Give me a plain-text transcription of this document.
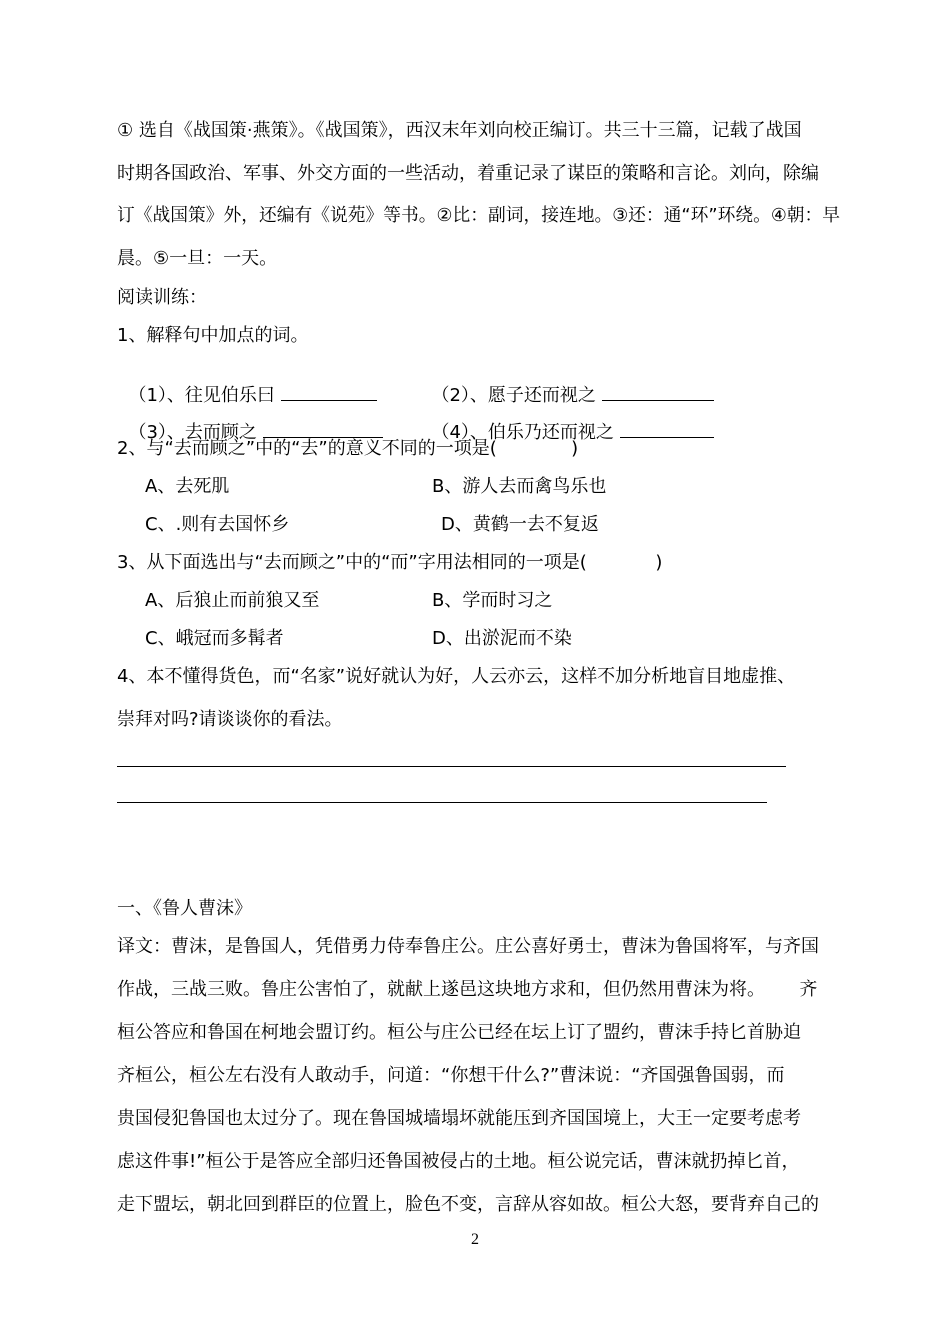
① 选自《战国策·燕策》。《战国策》，西汉末年刘向校正编订。共三十三篇，记载了战国
时期各国政治、军事、外交方面的一些活动，着重记录了谋臣的策略和言论。刘向，除编
订《战国策》外，还编有《说苑》等书。②比：副词，接连地。③还：通“环”环绕。④朝：早
晨。⑤一旦：一天。
阅读训练：
1、解释句中加点的词。

（1）、往见伯乐曰	（2）、愿子还而视之

（3）、去而顾之	（4）、伯乐乃还而视之

2、与“去而顾之”中的“去”的意义不同的一项是(             )
A、去死肌	B、游人去而禽鸟乐也
C、.则有去国怀乡	D、黄鹤一去不复返
3、从下面选出与“去而顾之”中的“而”字用法相同的一项是(            )
A、后狼止而前狼又至	B、学而时习之
C、峨冠而多髯者	D、出淤泥而不染
4、本不懂得货色，而“名家”说好就认为好，人云亦云，这样不加分析地盲目地虚推、
崇拜对吗?请谈谈你的看法。
一、《鲁人曹沫》
译文：曹沫，是鲁国人，凭借勇力侍奉鲁庄公。庄公喜好勇士，曹沫为鲁国将军，与齐国
作战，三战三败。鲁庄公害怕了，就献上遂邑这块地方求和，但仍然用曹沫为将。      齐
桓公答应和鲁国在柯地会盟订约。桓公与庄公已经在坛上订了盟约，曹沫手持匕首胁迫
齐桓公，桓公左右没有人敢动手，问道：“你想干什么?”曹沫说：“齐国强鲁国弱，而
贵国侵犯鲁国也太过分了。现在鲁国城墙塌坏就能压到齐国国境上，大王一定要考虑考
虑这件事!”桓公于是答应全部归还鲁国被侵占的土地。桓公说完话，曹沫就扔掉匕首，
走下盟坛，朝北回到群臣的位置上，脸色不变，言辞从容如故。桓公大怒，要背弃自己的
2
